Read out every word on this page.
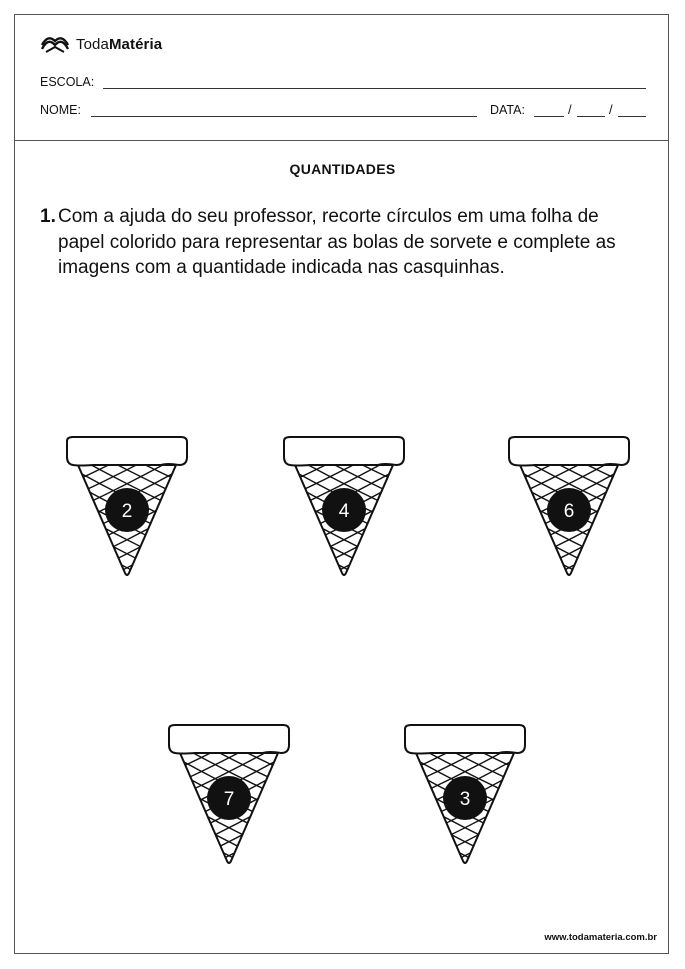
TodaMatéria
ESCOLA:
NOME:	DATA:	/	/
QUANTIDADES
1. Com a ajuda do seu professor, recorte círculos em uma folha de papel colorido para representar as bolas de sorvete e complete as imagens com a quantidade indicada nas casquinhas.
2	4	6
7	3
www.todamateria.com.br
